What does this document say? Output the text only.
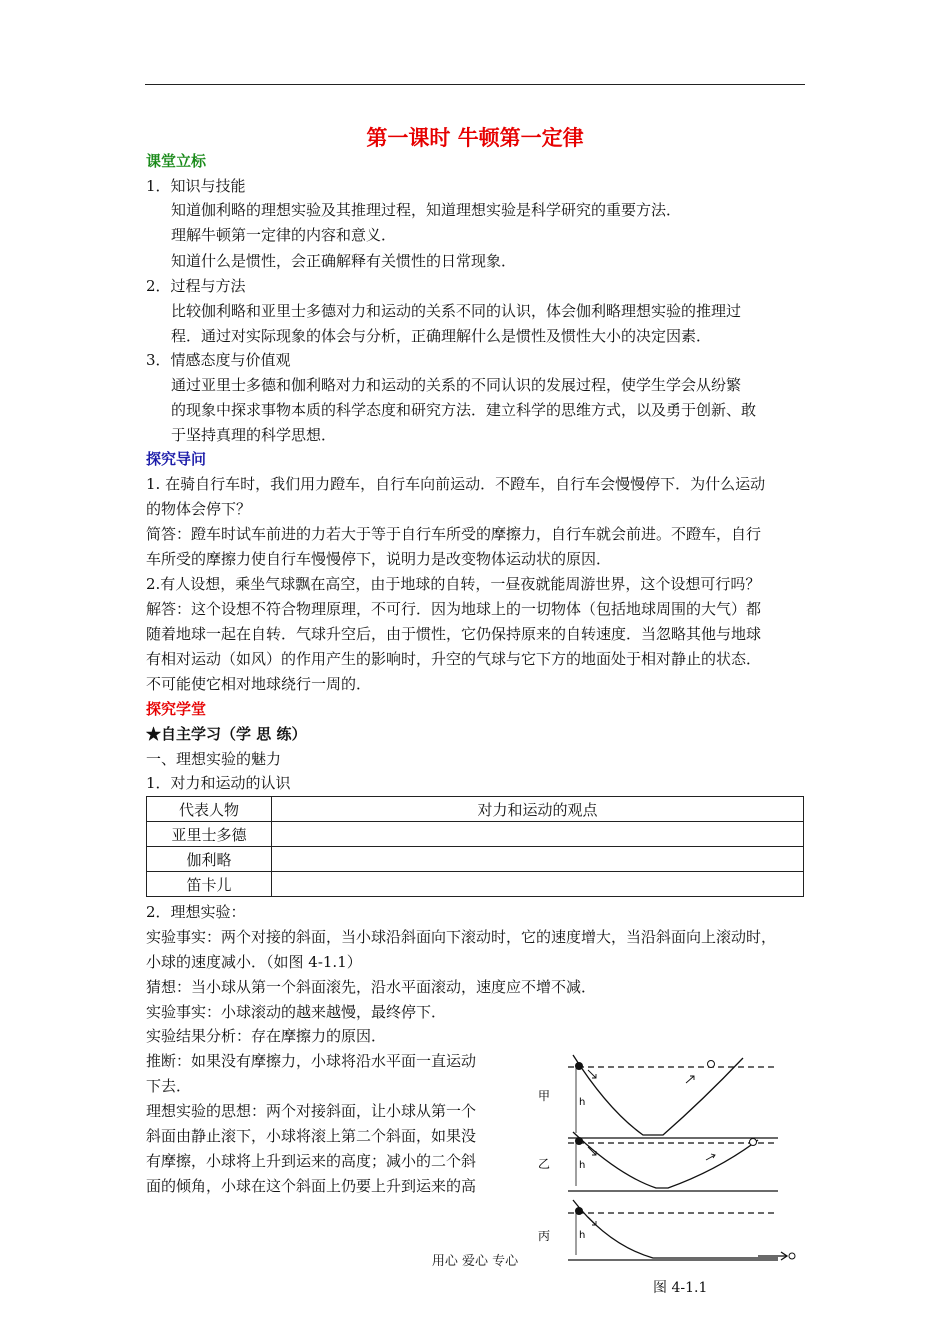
第一课时 牛顿第一定律
课堂立标
1．知识与技能
知道伽利略的理想实验及其推理过程，知道理想实验是科学研究的重要方法．
理解牛顿第一定律的内容和意义．
知道什么是惯性，会正确解释有关惯性的日常现象．
2．过程与方法
比较伽利略和亚里士多德对力和运动的关系不同的认识，体会伽利略理想实验的推理过
程．通过对实际现象的体会与分析，正确理解什么是惯性及惯性大小的决定因素．
3．情感态度与价值观
通过亚里士多德和伽利略对力和运动的关系的不同认识的发展过程，使学生学会从纷繁
的现象中探求事物本质的科学态度和研究方法．建立科学的思维方式，以及勇于创新、敢
于坚持真理的科学思想．
探究导问
1. 在骑自行车时，我们用力蹬车，自行车向前运动．不蹬车，自行车会慢慢停下．为什么运动
的物体会停下？
简答：蹬车时试车前进的力若大于等于自行车所受的摩擦力，自行车就会前进。不蹬车，自行
车所受的摩擦力使自行车慢慢停下，说明力是改变物体运动状的原因．
2.有人设想，乘坐气球飘在高空，由于地球的自转，一昼夜就能周游世界，这个设想可行吗？
解答：这个设想不符合物理原理，不可行．因为地球上的一切物体（包括地球周围的大气）都
随着地球一起在自转．气球升空后，由于惯性，它仍保持原来的自转速度．当忽略其他与地球
有相对运动（如风）的作用产生的影响时，升空的气球与它下方的地面处于相对静止的状态．
不可能使它相对地球绕行一周的．
探究学堂
★自主学习（学 思 练）
一、理想实验的魅力
1．对力和运动的认识
代表人物	对力和运动的观点
亚里士多德	
伽利略	
笛卡儿	
2．理想实验：
实验事实：两个对接的斜面，当小球沿斜面向下滚动时，它的速度增大，当沿斜面向上滚动时，
小球的速度减小．（如图 4-1.1）
猜想：当小球从第一个斜面滚先，沿水平面滚动，速度应不增不减．
实验事实：小球滚动的越来越慢，最终停下．
实验结果分析：存在摩擦力的原因．
推断：如果没有摩擦力，小球将沿水平面一直运动
下去．
理想实验的思想：两个对接斜面，让小球从第一个
斜面由静止滚下，小球将滚上第二个斜面，如果没
有摩擦，小球将上升到运来的高度；减小的二个斜
面的倾角，小球在这个斜面上仍要上升到运来的高
甲
乙
丙
h
h
h
图 4-1.1
用心 爱心 专心
